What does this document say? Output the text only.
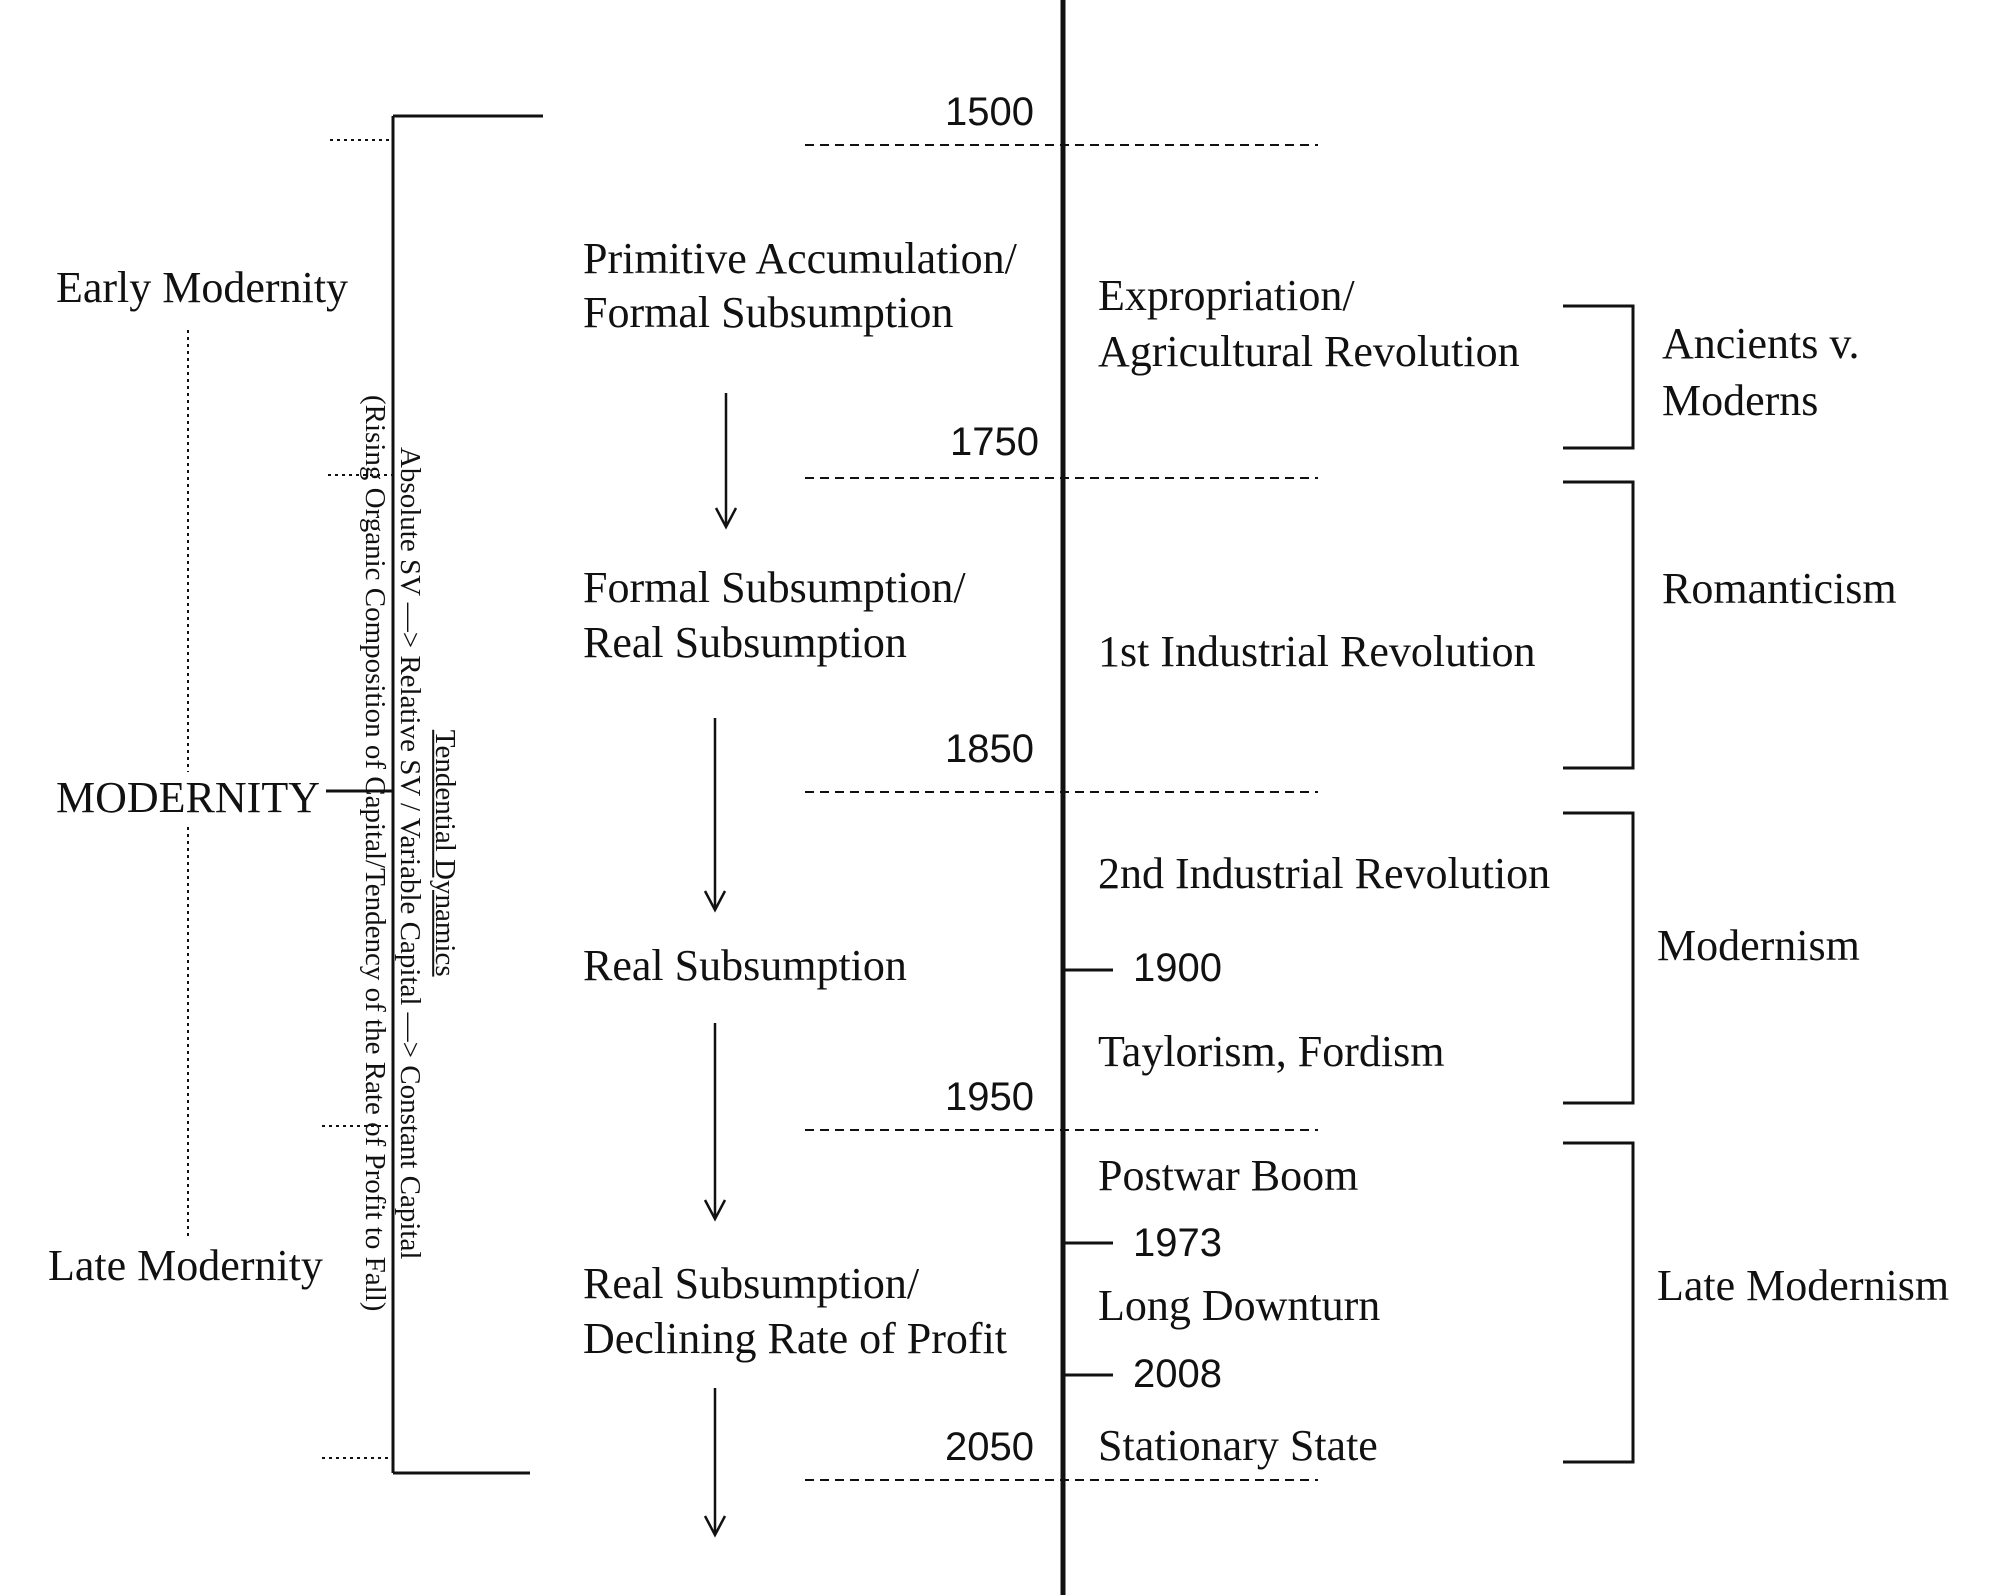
1500
1750
1850
1900
1950
1973
2008
2050
Early Modernity
MODERNITY
Late Modernity
Tendential Dynamics
Absolute SV —> Relative SV / Variable Capital —> Constant Capital
(Rising Organic Composition of Capital/Tendency of the Rate of Profit to Fall)
Primitive Accumulation/
Formal Subsumption
Formal Subsumption/
Real Subsumption
Real Subsumption
Real Subsumption/
Declining Rate of Profit
Expropriation/
Agricultural Revolution
1st Industrial Revolution
2nd Industrial Revolution
Taylorism, Fordism
Postwar Boom
Long Downturn
Stationary State
Ancients v.
Moderns
Romanticism
Modernism
Late Modernism
